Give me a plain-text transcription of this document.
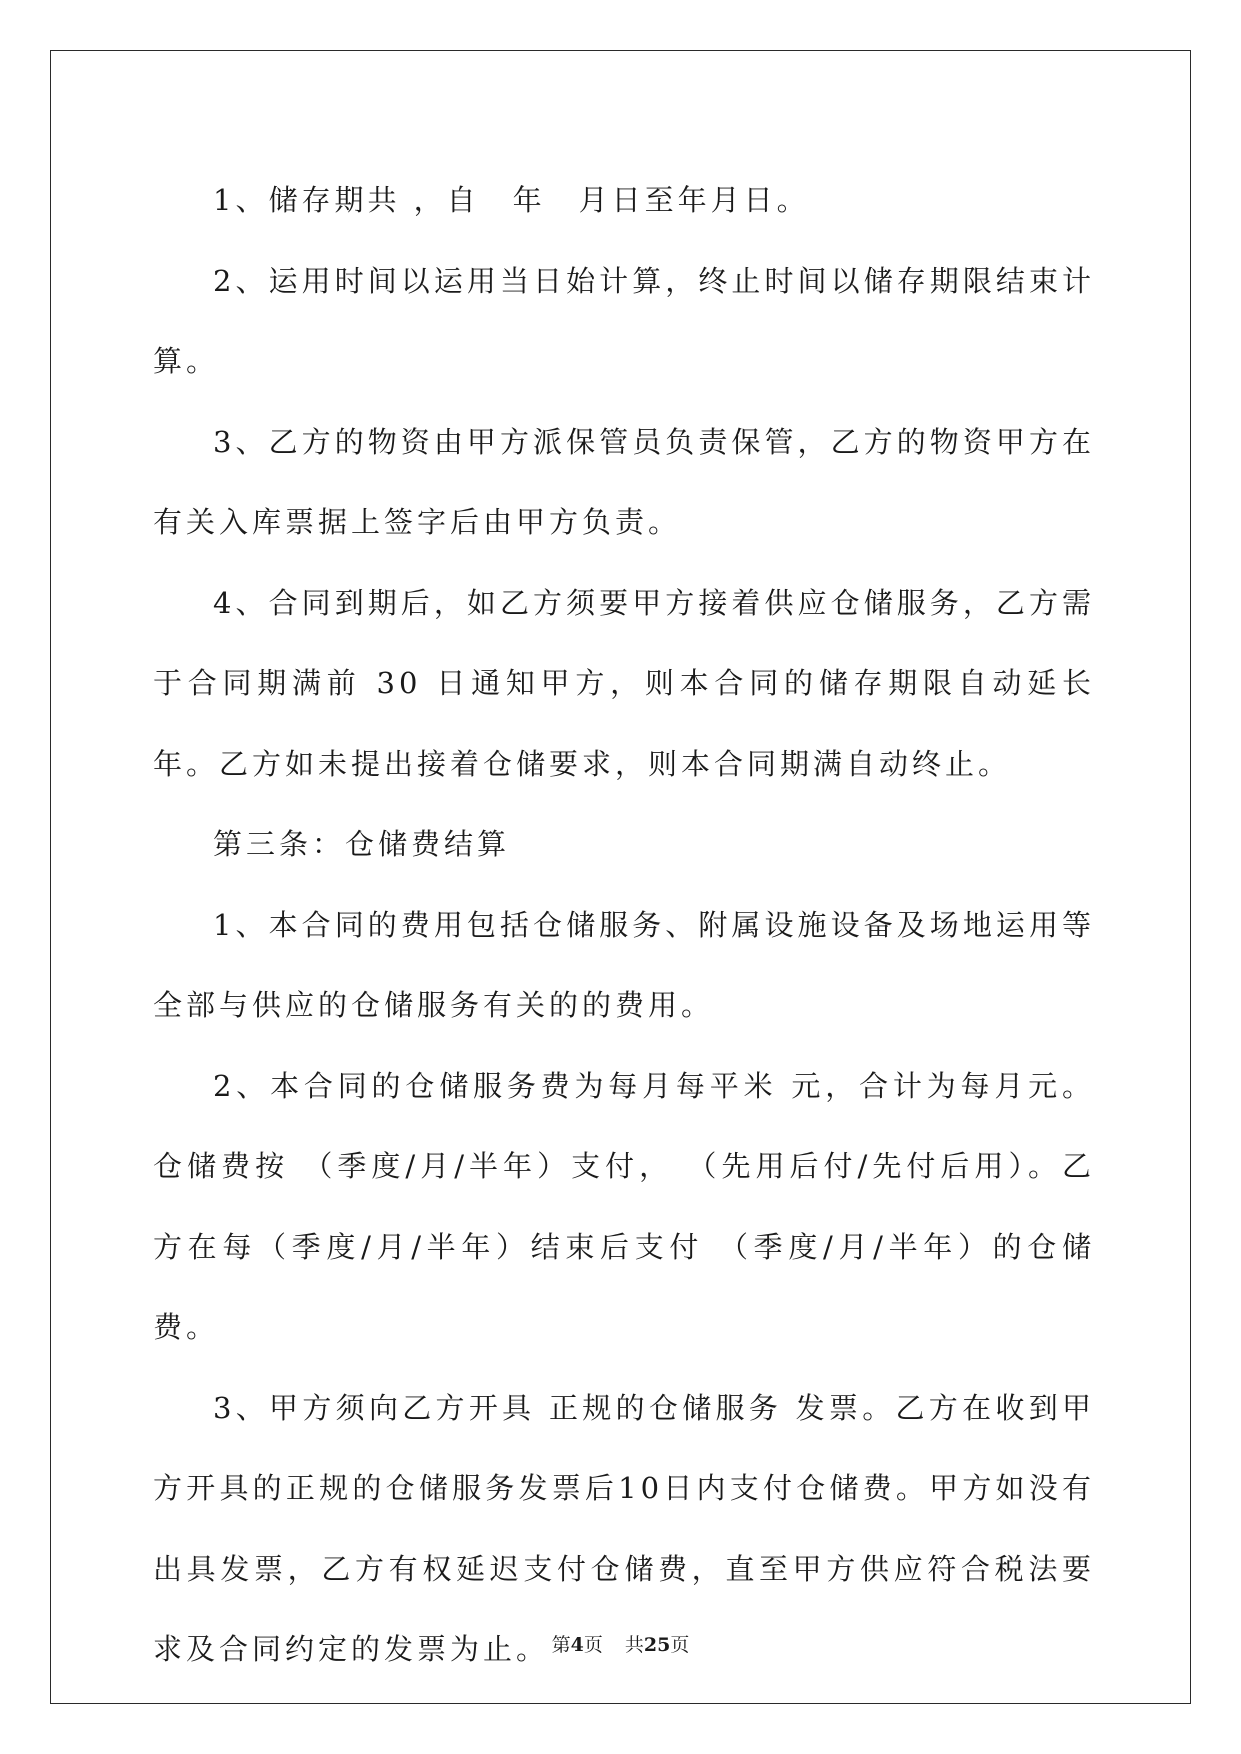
1、储存期共 ，自　年　月日至年月日。

2、运用时间以运用当日始计算，终止时间以储存期限结束计算。

3、乙方的物资由甲方派保管员负责保管，乙方的物资甲方在有关入库票据上签字后由甲方负责。

4、合同到期后，如乙方须要甲方接着供应仓储服务，乙方需于合同期满前 30 日通知甲方，则本合同的储存期限自动延长年。乙方如未提出接着仓储要求，则本合同期满自动终止。

第三条：仓储费结算

1、本合同的费用包括仓储服务、附属设施设备及场地运用等全部与供应的仓储服务有关的的费用。

2、本合同的仓储服务费为每月每平米 元，合计为每月元。仓储费按 （季度/月/半年）支付， （先用后付/先付后用）。乙方在每（季度/月/半年）结束后支付 （季度/月/半年）的仓储费。

3、甲方须向乙方开具 正规的仓储服务 发票。乙方在收到甲方开具的正规的仓储服务发票后10日内支付仓储费。甲方如没有出具发票，乙方有权延迟支付仓储费，直至甲方供应符合税法要求及合同约定的发票为止。 第4页 共25页
